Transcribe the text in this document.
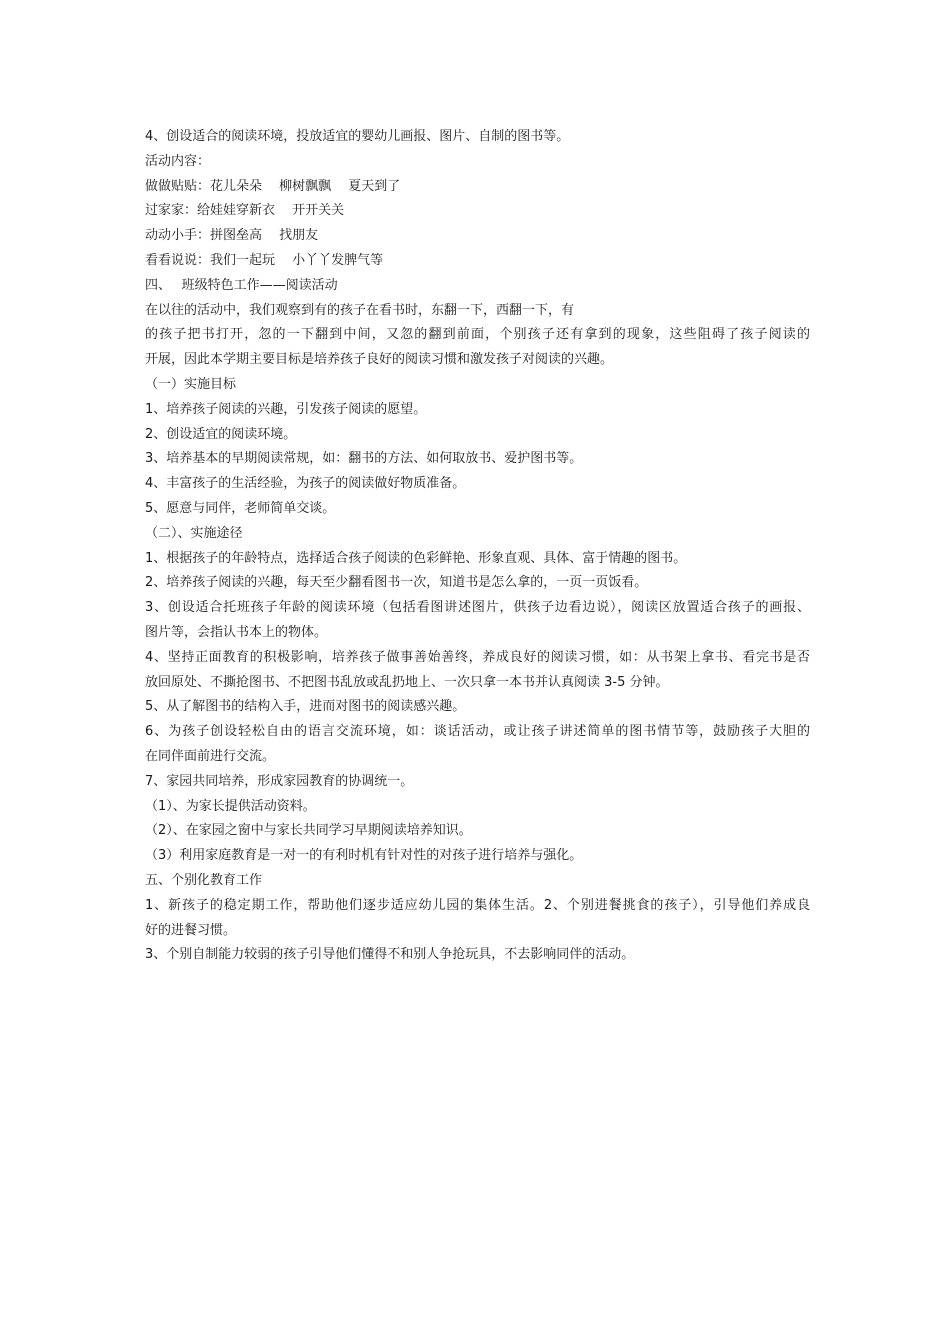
4、创设适合的阅读环境，投放适宜的婴幼儿画报、图片、自制的图书等。
活动内容：
做做贴贴：花儿朵朵　 柳树飘飘　 夏天到了
过家家：给娃娃穿新衣　 开开关关
动动小手：拼图垒高　 找朋友
看看说说：我们一起玩　 小丫丫发脾气等
四、　 班级特色工作——阅读活动
在以往的活动中，我们观察到有的孩子在看书时，东翻一下，西翻一下，有
的孩子把书打开，忽的一下翻到中间，又忽的翻到前面，个别孩子还有拿到的现象，这些阻碍了孩子阅读的
开展，因此本学期主要目标是培养孩子良好的阅读习惯和激发孩子对阅读的兴趣。
（一）实施目标
1、培养孩子阅读的兴趣，引发孩子阅读的愿望。
2、创设适宜的阅读环境。
3、培养基本的早期阅读常规，如：翻书的方法、如何取放书、爱护图书等。
4、丰富孩子的生活经验，为孩子的阅读做好物质准备。
5、愿意与同伴，老师简单交谈。
（二）、实施途径
1、根据孩子的年龄特点，选择适合孩子阅读的色彩鲜艳、形象直观、具体、富于情趣的图书。
2、培养孩子阅读的兴趣，每天至少翻看图书一次，知道书是怎么拿的，一页一页饭看。
3、创设适合托班孩子年龄的阅读环境（包括看图讲述图片，供孩子边看边说），阅读区放置适合孩子的画报、
图片等，会指认书本上的物体。
4、坚持正面教育的积极影响，培养孩子做事善始善终，养成良好的阅读习惯，如：从书架上拿书、看完书是否
放回原处、不撕抢图书、不把图书乱放或乱扔地上、一次只拿一本书并认真阅读 3-5 分钟。
5、从了解图书的结构入手，进而对图书的阅读感兴趣。
6、为孩子创设轻松自由的语言交流环境，如：谈话活动，或让孩子讲述简单的图书情节等，鼓励孩子大胆的
在同伴面前进行交流。
7、家园共同培养，形成家园教育的协调统一。
（1）、为家长提供活动资料。
（2）、在家园之窗中与家长共同学习早期阅读培养知识。
（3）利用家庭教育是一对一的有利时机有针对性的对孩子进行培养与强化。
五、个别化教育工作
1、新孩子的稳定期工作，帮助他们逐步适应幼儿园的集体生活。2、个别进餐挑食的孩子），引导他们养成良
好的进餐习惯。
3、个别自制能力较弱的孩子引导他们懂得不和别人争抢玩具，不去影响同伴的活动。
